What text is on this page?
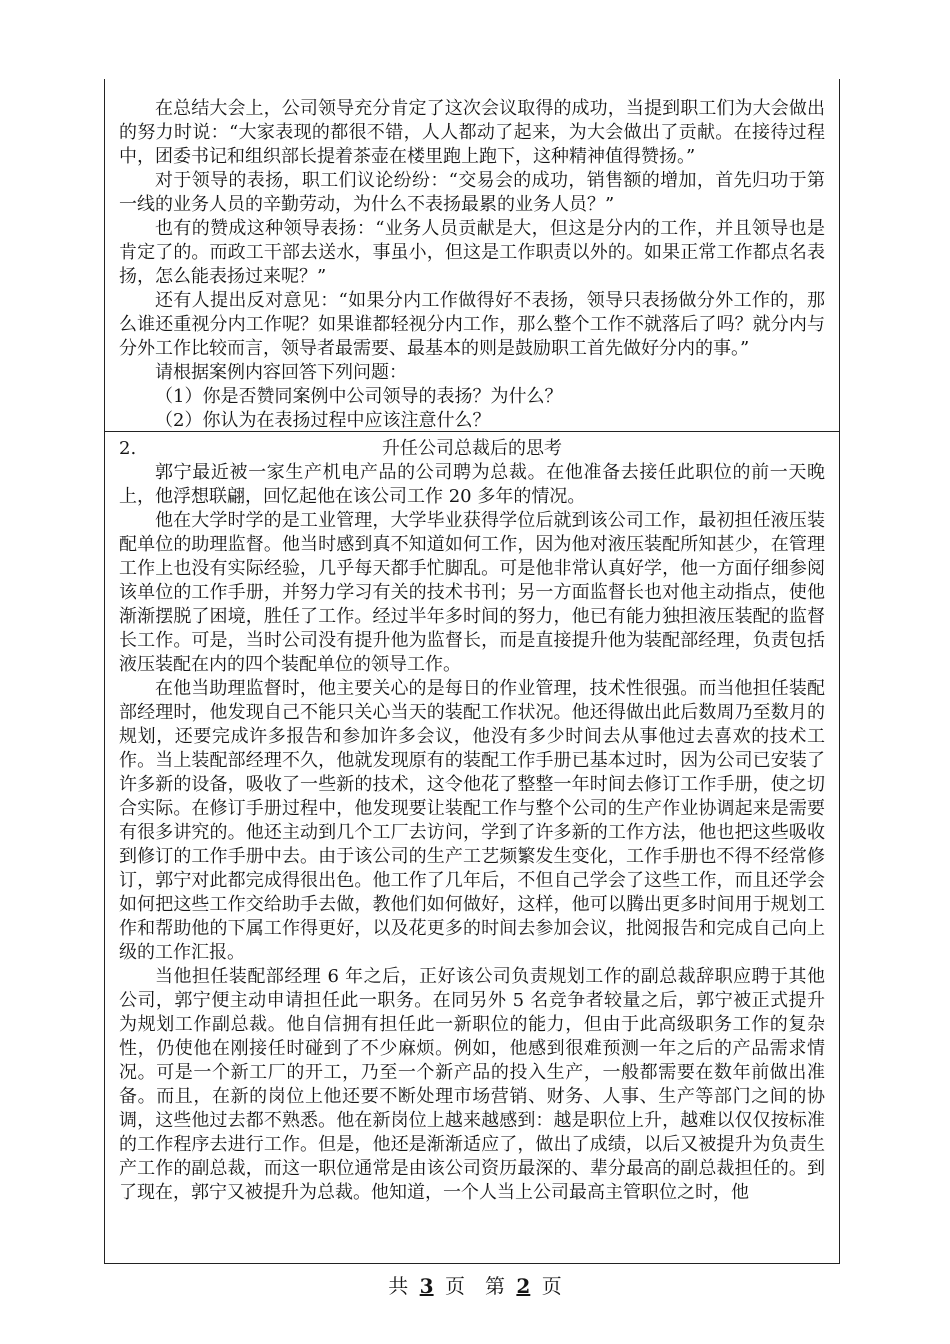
在总结大会上，公司领导充分肯定了这次会议取得的成功，当提到职工们为大会做出的努力时说：“大家表现的都很不错，人人都动了起来，为大会做出了贡献。在接待过程中，团委书记和组织部长提着茶壶在楼里跑上跑下，这种精神值得赞扬。”

对于领导的表扬，职工们议论纷纷：“交易会的成功，销售额的增加，首先归功于第一线的业务人员的辛勤劳动，为什么不表扬最累的业务人员？”

也有的赞成这种领导表扬：“业务人员贡献是大，但这是分内的工作，并且领导也是肯定了的。而政工干部去送水，事虽小，但这是工作职责以外的。如果正常工作都点名表扬，怎么能表扬过来呢？”

还有人提出反对意见：“如果分内工作做得好不表扬，领导只表扬做分外工作的，那么谁还重视分内工作呢？如果谁都轻视分内工作，那么整个工作不就落后了吗？就分内与分外工作比较而言，领导者最需要、最基本的则是鼓励职工首先做好分内的事。”

请根据案例内容回答下列问题：

（1）你是否赞同案例中公司领导的表扬？为什么？

（2）你认为在表扬过程中应该注意什么？

2.	升任公司总裁后的思考

郭宁最近被一家生产机电产品的公司聘为总裁。在他准备去接任此职位的前一天晚上，他浮想联翩，回忆起他在该公司工作 20 多年的情况。

他在大学时学的是工业管理，大学毕业获得学位后就到该公司工作，最初担任液压装配单位的助理监督。他当时感到真不知道如何工作，因为他对液压装配所知甚少，在管理工作上也没有实际经验，几乎每天都手忙脚乱。可是他非常认真好学，他一方面仔细参阅该单位的工作手册，并努力学习有关的技术书刊；另一方面监督长也对他主动指点，使他渐渐摆脱了困境，胜任了工作。经过半年多时间的努力，他已有能力独担液压装配的监督长工作。可是，当时公司没有提升他为监督长，而是直接提升他为装配部经理，负责包括液压装配在内的四个装配单位的领导工作。

在他当助理监督时，他主要关心的是每日的作业管理，技术性很强。而当他担任装配部经理时，他发现自己不能只关心当天的装配工作状况。他还得做出此后数周乃至数月的规划，还要完成许多报告和参加许多会议，他没有多少时间去从事他过去喜欢的技术工作。当上装配部经理不久，他就发现原有的装配工作手册已基本过时，因为公司已安装了许多新的设备，吸收了一些新的技术，这令他花了整整一年时间去修订工作手册，使之切合实际。在修订手册过程中，他发现要让装配工作与整个公司的生产作业协调起来是需要有很多讲究的。他还主动到几个工厂去访问，学到了许多新的工作方法，他也把这些吸收到修订的工作手册中去。由于该公司的生产工艺频繁发生变化，工作手册也不得不经常修订，郭宁对此都完成得很出色。他工作了几年后，不但自己学会了这些工作，而且还学会如何把这些工作交给助手去做，教他们如何做好，这样，他可以腾出更多时间用于规划工作和帮助他的下属工作得更好，以及花更多的时间去参加会议，批阅报告和完成自己向上级的工作汇报。

当他担任装配部经理 6 年之后，正好该公司负责规划工作的副总裁辞职应聘于其他公司，郭宁便主动申请担任此一职务。在同另外 5 名竞争者较量之后，郭宁被正式提升为规划工作副总裁。他自信拥有担任此一新职位的能力，但由于此高级职务工作的复杂性，仍使他在刚接任时碰到了不少麻烦。例如，他感到很难预测一年之后的产品需求情况。可是一个新工厂的开工，乃至一个新产品的投入生产，一般都需要在数年前做出准备。而且，在新的岗位上他还要不断处理市场营销、财务、人事、生产等部门之间的协调，这些他过去都不熟悉。他在新岗位上越来越感到：越是职位上升，越难以仅仅按标准的工作程序去进行工作。但是，他还是渐渐适应了，做出了成绩，以后又被提升为负责生产工作的副总裁，而这一职位通常是由该公司资历最深的、辈分最高的副总裁担任的。到了现在，郭宁又被提升为总裁。他知道，一个人当上公司最高主管职位之时，他

共 3 页　第 2 页
